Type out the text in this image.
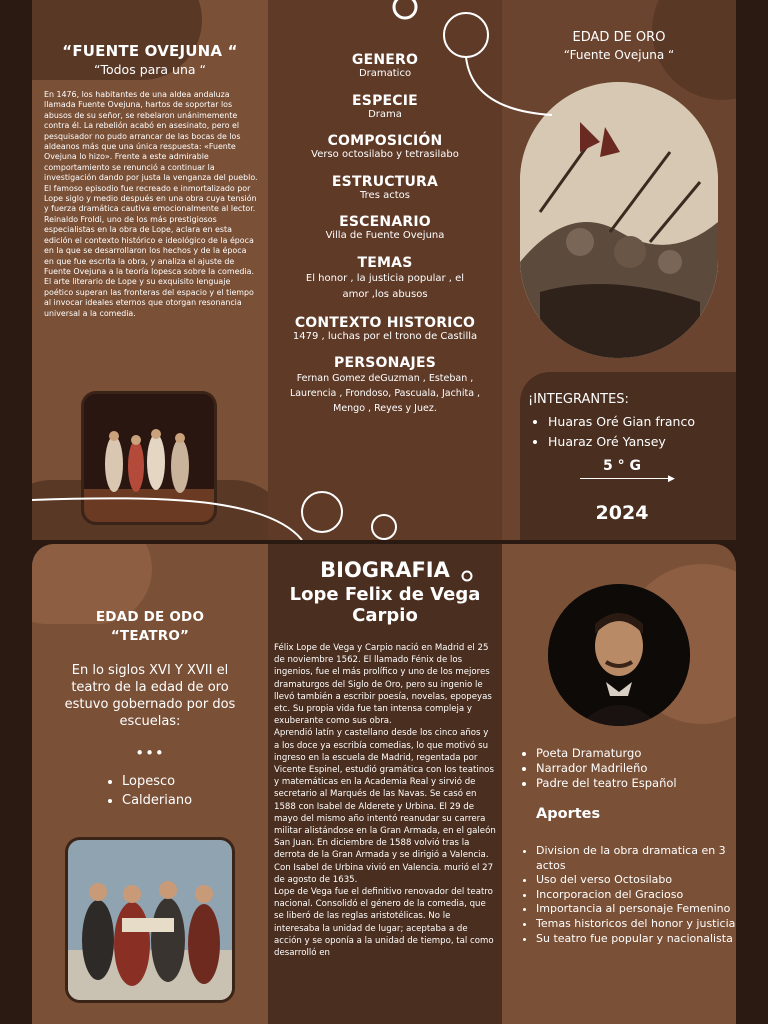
“FUENTE OVEJUNA “
“Todos para una “
En 1476, los habitantes de una aldea andaluza llamada Fuente Ovejuna, hartos de soportar los abusos de su señor, se rebelaron unánimemente contra él. La rebelión acabó en asesinato, pero el pesquisador no pudo arrancar de las bocas de los aldeanos más que una única respuesta: «Fuente Ovejuna lo hizo». Frente a este admirable comportamiento se renunció a continuar la investigación dando por justa la venganza del pueblo. El famoso episodio fue recreado e inmortalizado por Lope siglo y medio después en una obra cuya tensión y fuerza dramática cautiva emocionalmente al lector. Reinaldo Froldi, uno de los más prestigiosos especialistas en la obra de Lope, aclara en esta edición el contexto histórico e ideológico de la época en la que se desarrollaron los hechos y de la época en que fue escrita la obra, y analiza el ajuste de Fuente Ovejuna a la teoría lopesca sobre la comedia. El arte literario de Lope y su exquisito lenguaje poético superan las fronteras del espacio y el tiempo al invocar ideales eternos que otorgan resonancia universal a la comedia.
GENERO
Dramatico
ESPECIE
Drama
COMPOSICIÓN
Verso octosilabo y tetrasilabo
ESTRUCTURA
Tres actos
ESCENARIO
Villa de Fuente Ovejuna
TEMAS
El honor , la justicia popular , el amor ,los abusos
CONTEXTO HISTORICO
1479 , luchas por el trono de Castilla
PERSONAJES
Fernan Gomez deGuzman , Esteban , Laurencia , Frondoso, Pascuala, Jachita , Mengo , Reyes y Juez.
EDAD DE ORO
“Fuente Ovejuna “
¡INTEGRANTES:
• Huaras Oré Gian franco
• Huaraz Oré Yansey
5 ° G
▶
2024
EDAD DE ODO
“TEATRO”
En lo siglos XVI Y XVII el teatro de la edad de oro estuvo gobernado por dos escuelas:
•••
• Lopesco
• Calderiano
BIOGRAFIA
Lope Felix de Vega Carpio
Félix Lope de Vega y Carpio nació en Madrid el 25 de noviembre 1562. El llamado Fénix de los ingenios, fue el más prolífico y uno de los mejores dramaturgos del Siglo de Oro, pero su ingenio le llevó también a escribir poesía, novelas, epopeyas etc. Su propia vida fue tan intensa compleja y exuberante como sus obra.
Aprendió latín y castellano desde los cinco años y a los doce ya escribía comedias, lo que motivó su ingreso en la escuela de Madrid, regentada por Vicente Espinel, estudió gramática con los teatinos y matemáticas en la Academia Real y sirvió de secretario al Marqués de las Navas. Se casó en 1588 con Isabel de Alderete y Urbina. El 29 de mayo del mismo año intentó reanudar su carrera militar alistándose en la Gran Armada, en el galeón San Juan. En diciembre de 1588 volvió tras la derrota de la Gran Armada y se dirigió a Valencia. Con Isabel de Urbina vivió en Valencia. murió el 27 de agosto de 1635.
Lope de Vega fue el definitivo renovador del teatro nacional. Consolidó el género de la comedia, que se liberó de las reglas aristotélicas. No le interesaba la unidad de lugar; aceptaba a de acción y se oponía a la unidad de tiempo, tal como desarrolló en
• Poeta Dramaturgo
• Narrador Madrileño
• Padre del teatro Español
Aportes
• Division de la obra dramatica en 3 actos
• Uso del verso Octosilabo
• Incorporacion del Gracioso
• Importancia al personaje Femenino
• Temas historicos del honor y justicia
• Su teatro fue popular y nacionalista
